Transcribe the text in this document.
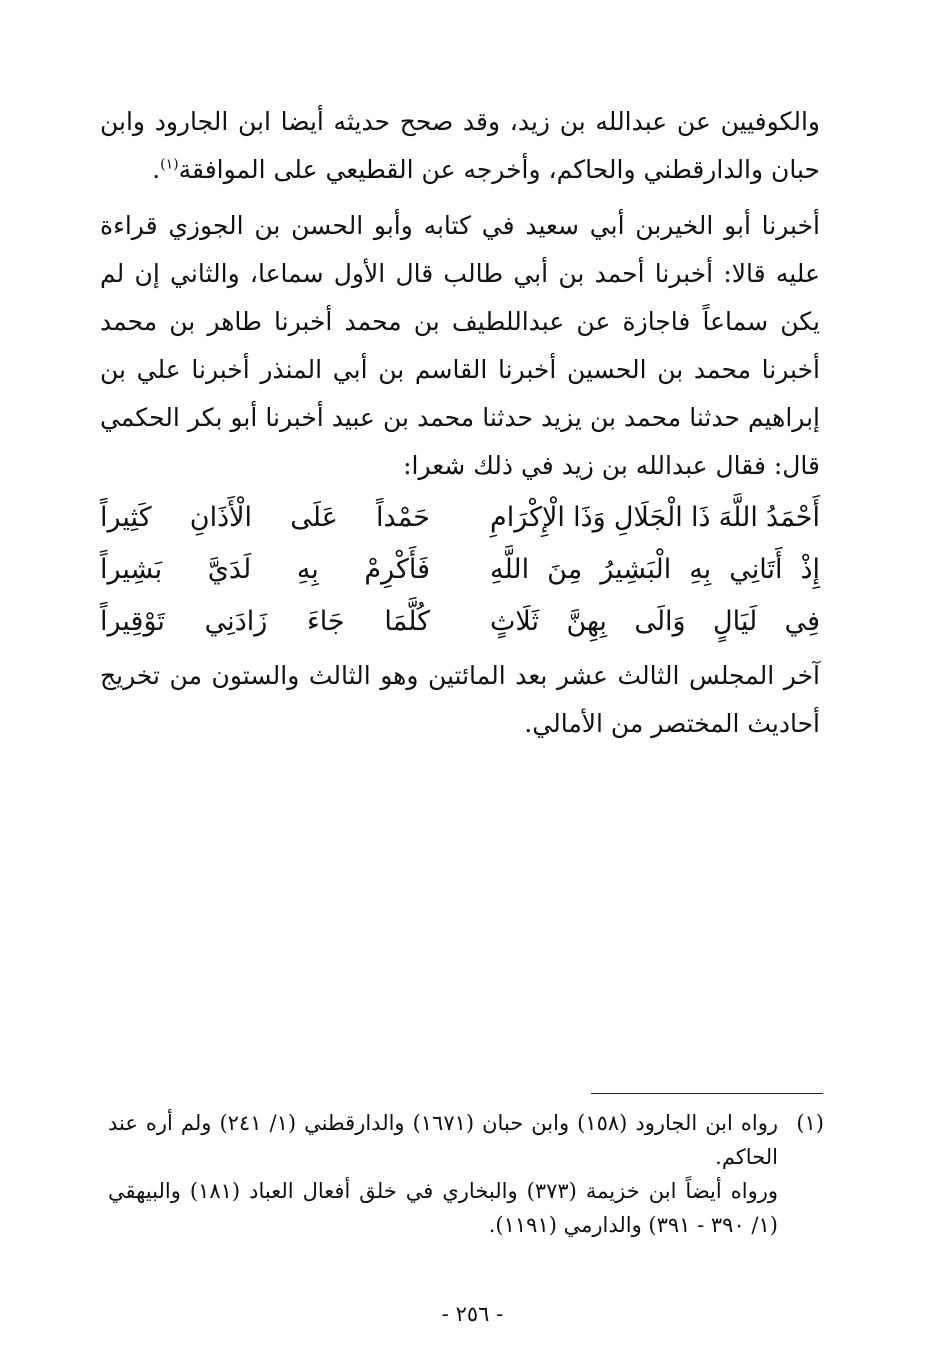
والكوفيين عن عبدالله بن زيد، وقد صحح حديثه أيضا ابن الجارود وابن حبان والدارقطني والحاكم، وأخرجه عن القطيعي على الموافقة$^{(١)}$.

أخبرنا أبو الخيربن أبي سعيد في كتابه وأبو الحسن بن الجوزي قراءة عليه قالا: أخبرنا أحمد بن أبي طالب قال الأول سماعا، والثاني إن لم يكن سماعاً فاجازة عن عبداللطيف بن محمد أخبرنا طاهر بن محمد أخبرنا محمد بن الحسين أخبرنا القاسم بن أبي المنذر أخبرنا علي بن إبراهيم حدثنا محمد بن يزيد حدثنا محمد بن عبيد أخبرنا أبو بكر الحكمي قال: فقال عبدالله بن زيد في ذلك شعرا:

أَحْمَدُ
اللَّهَ
ذَا
الْجَلَالِ
وَذَا
الْإِكْرَامِ
حَمْداً
عَلَى
الْأَذَانِ
كَثِيراً
إِذْ
أَتَانِي
بِهِ
الْبَشِيرُ
مِنَ
اللَّهِ
فَأَكْرِمْ
بِهِ
لَدَيَّ
بَشِيراً
فِي
لَيَالٍ
وَالَى
بِهِنَّ
ثَلَاثٍ
كُلَّمَا
جَاءَ
زَادَنِي
تَوْقِيراً

آخر المجلس الثالث عشر بعد المائتين وهو الثالث والستون من تخريج أحاديث المختصر من الأمالي.

(١)
رواه ابن الجارود (١٥٨) وابن حبان (١٦٧١) والدارقطني (١/ ٢٤١) ولم أره عند الحاكم.
ورواه أيضاً ابن خزيمة (٣٧٣) والبخاري في خلق أفعال العباد (١٨١) والبيهقي (١/ ٣٩٠ - ٣٩١) والدارمي (١١٩١).
- ٢٥٦ -
